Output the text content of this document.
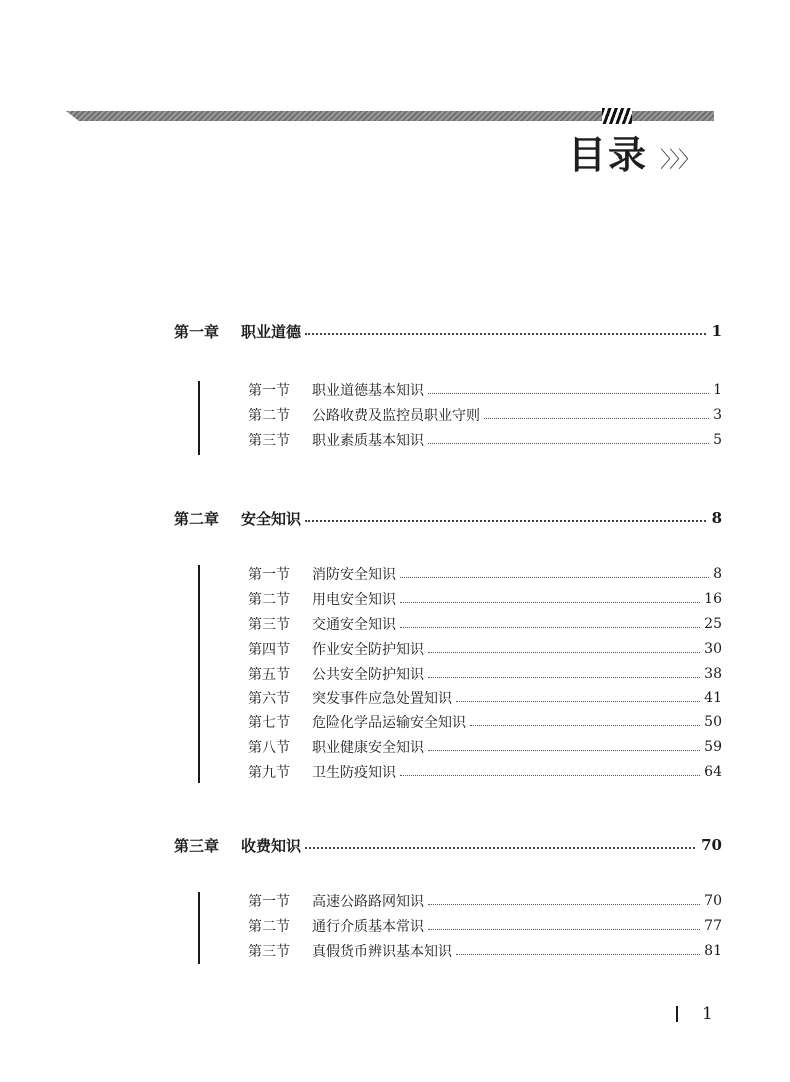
目录 〉〉〉
第一章	职业道德	1
第一节	职业道德基本知识	1
第二节	公路收费及监控员职业守则	3
第三节	职业素质基本知识	5
第二章	安全知识	8
第一节	消防安全知识	8
第二节	用电安全知识	16
第三节	交通安全知识	25
第四节	作业安全防护知识	30
第五节	公共安全防护知识	38
第六节	突发事件应急处置知识	41
第七节	危险化学品运输安全知识	50
第八节	职业健康安全知识	59
第九节	卫生防疫知识	64
第三章	收费知识	70
第一节	高速公路路网知识	70
第二节	通行介质基本常识	77
第三节	真假货币辨识基本知识	81
1
